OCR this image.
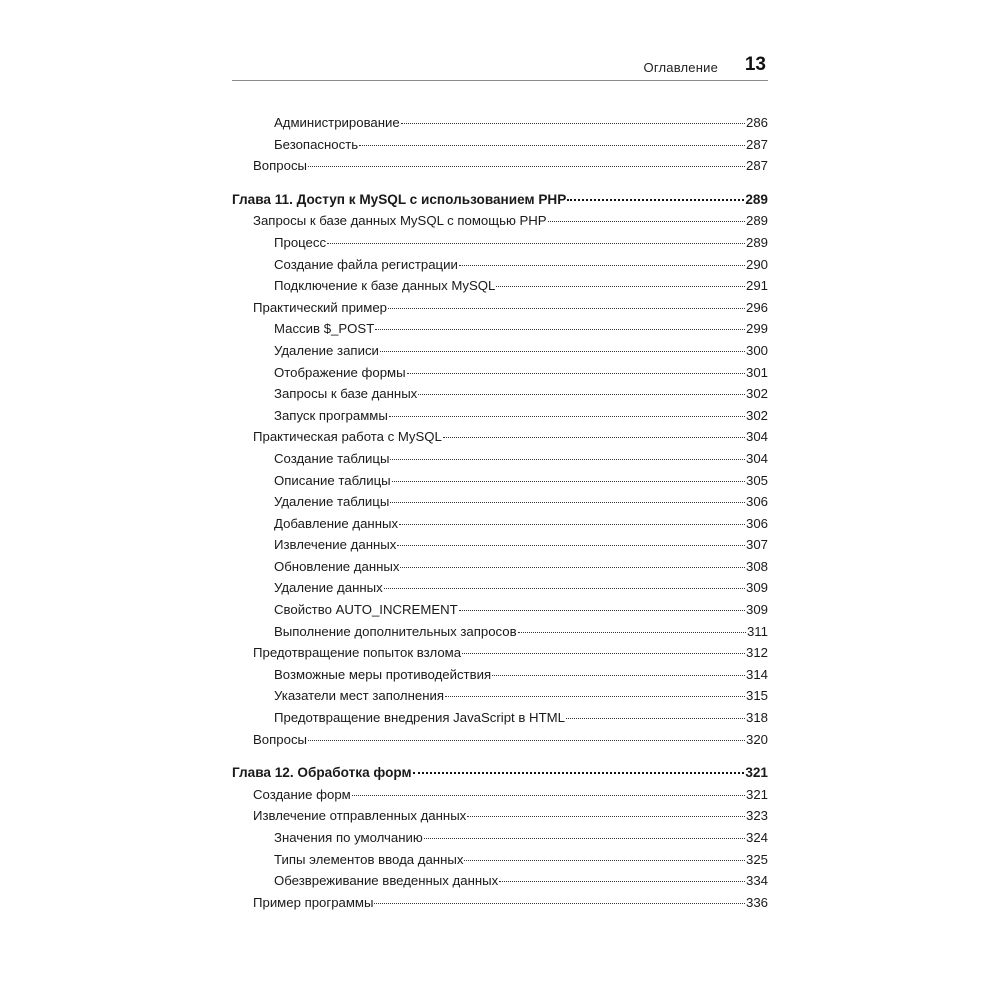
Оглавление 13
Администрирование	286
Безопасность	287
Вопросы	287
Глава 11. Доступ к MySQL с использованием PHP	289
Запросы к базе данных MySQL с помощью PHP	289
Процесс	289
Создание файла регистрации	290
Подключение к базе данных MySQL	291
Практический пример	296
Массив $_POST	299
Удаление записи	300
Отображение формы	301
Запросы к базе данных	302
Запуск программы	302
Практическая работа с MySQL	304
Создание таблицы	304
Описание таблицы	305
Удаление таблицы	306
Добавление данных	306
Извлечение данных	307
Обновление данных	308
Удаление данных	309
Свойство AUTO_INCREMENT	309
Выполнение дополнительных запросов	311
Предотвращение попыток взлома	312
Возможные меры противодействия	314
Указатели мест заполнения	315
Предотвращение внедрения JavaScript в HTML	318
Вопросы	320
Глава 12. Обработка форм	321
Создание форм	321
Извлечение отправленных данных	323
Значения по умолчанию	324
Типы элементов ввода данных	325
Обезвреживание введенных данных	334
Пример программы	336
